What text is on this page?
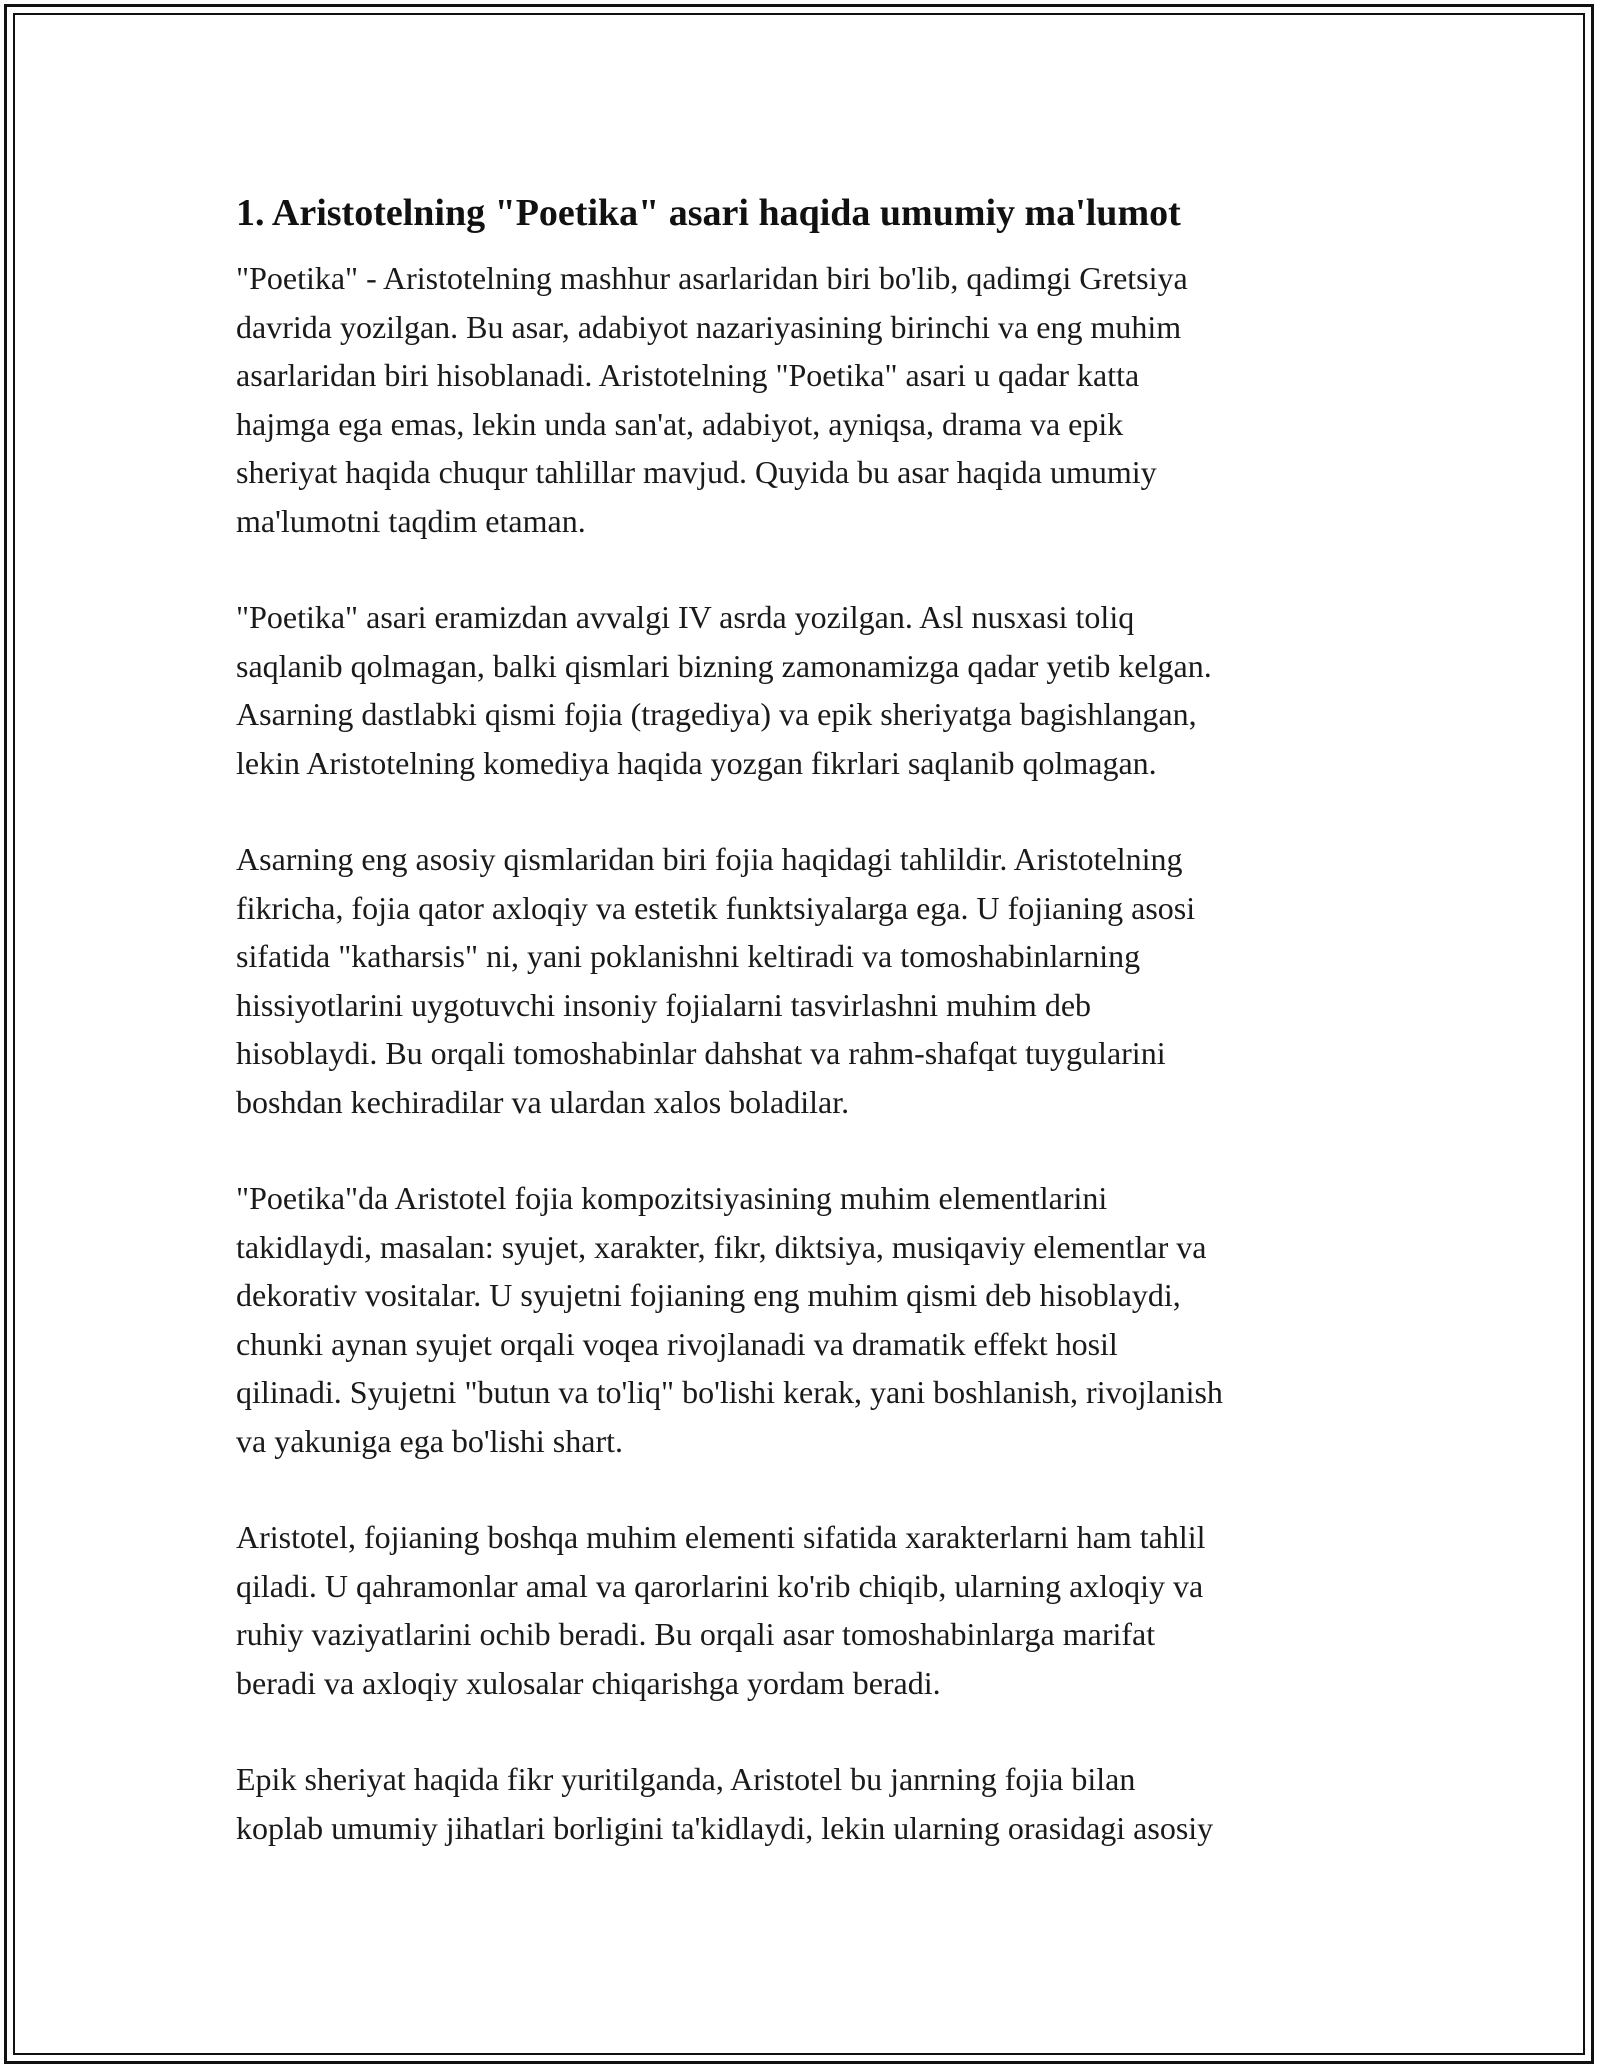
1. Aristotelning "Poetika" asari haqida umumiy ma'lumot
"Poetika" - Aristotelning mashhur asarlaridan biri bo'lib, qadimgi Gretsiya
davrida yozilgan. Bu asar, adabiyot nazariyasining birinchi va eng muhim
asarlaridan biri hisoblanadi. Aristotelning "Poetika" asari u qadar katta
hajmga ega emas, lekin unda san'at, adabiyot, ayniqsa, drama va epik
sheriyat haqida chuqur tahlillar mavjud. Quyida bu asar haqida umumiy
ma'lumotni taqdim etaman.
"Poetika" asari eramizdan avvalgi IV asrda yozilgan. Asl nusxasi toliq
saqlanib qolmagan, balki qismlari bizning zamonamizga qadar yetib kelgan.
Asarning dastlabki qismi fojia (tragediya) va epik sheriyatga bagishlangan,
lekin Aristotelning komediya haqida yozgan fikrlari saqlanib qolmagan.
Asarning eng asosiy qismlaridan biri fojia haqidagi tahlildir. Aristotelning
fikricha, fojia qator axloqiy va estetik funktsiyalarga ega. U fojianing asosi
sifatida "katharsis" ni, yani poklanishni keltiradi va tomoshabinlarning
hissiyotlarini uygotuvchi insoniy fojialarni tasvirlashni muhim deb
hisoblaydi. Bu orqali tomoshabinlar dahshat va rahm-shafqat tuygularini
boshdan kechiradilar va ulardan xalos boladilar.
"Poetika"da Aristotel fojia kompozitsiyasining muhim elementlarini
takidlaydi, masalan: syujet, xarakter, fikr, diktsiya, musiqaviy elementlar va
dekorativ vositalar. U syujetni fojianing eng muhim qismi deb hisoblaydi,
chunki aynan syujet orqali voqea rivojlanadi va dramatik effekt hosil
qilinadi. Syujetni "butun va to'liq" bo'lishi kerak, yani boshlanish, rivojlanish
va yakuniga ega bo'lishi shart.
Aristotel, fojianing boshqa muhim elementi sifatida xarakterlarni ham tahlil
qiladi. U qahramonlar amal va qarorlarini ko'rib chiqib, ularning axloqiy va
ruhiy vaziyatlarini ochib beradi. Bu orqali asar tomoshabinlarga marifat
beradi va axloqiy xulosalar chiqarishga yordam beradi.
Epik sheriyat haqida fikr yuritilganda, Aristotel bu janrning fojia bilan
koplab umumiy jihatlari borligini ta'kidlaydi, lekin ularning orasidagi asosiy
